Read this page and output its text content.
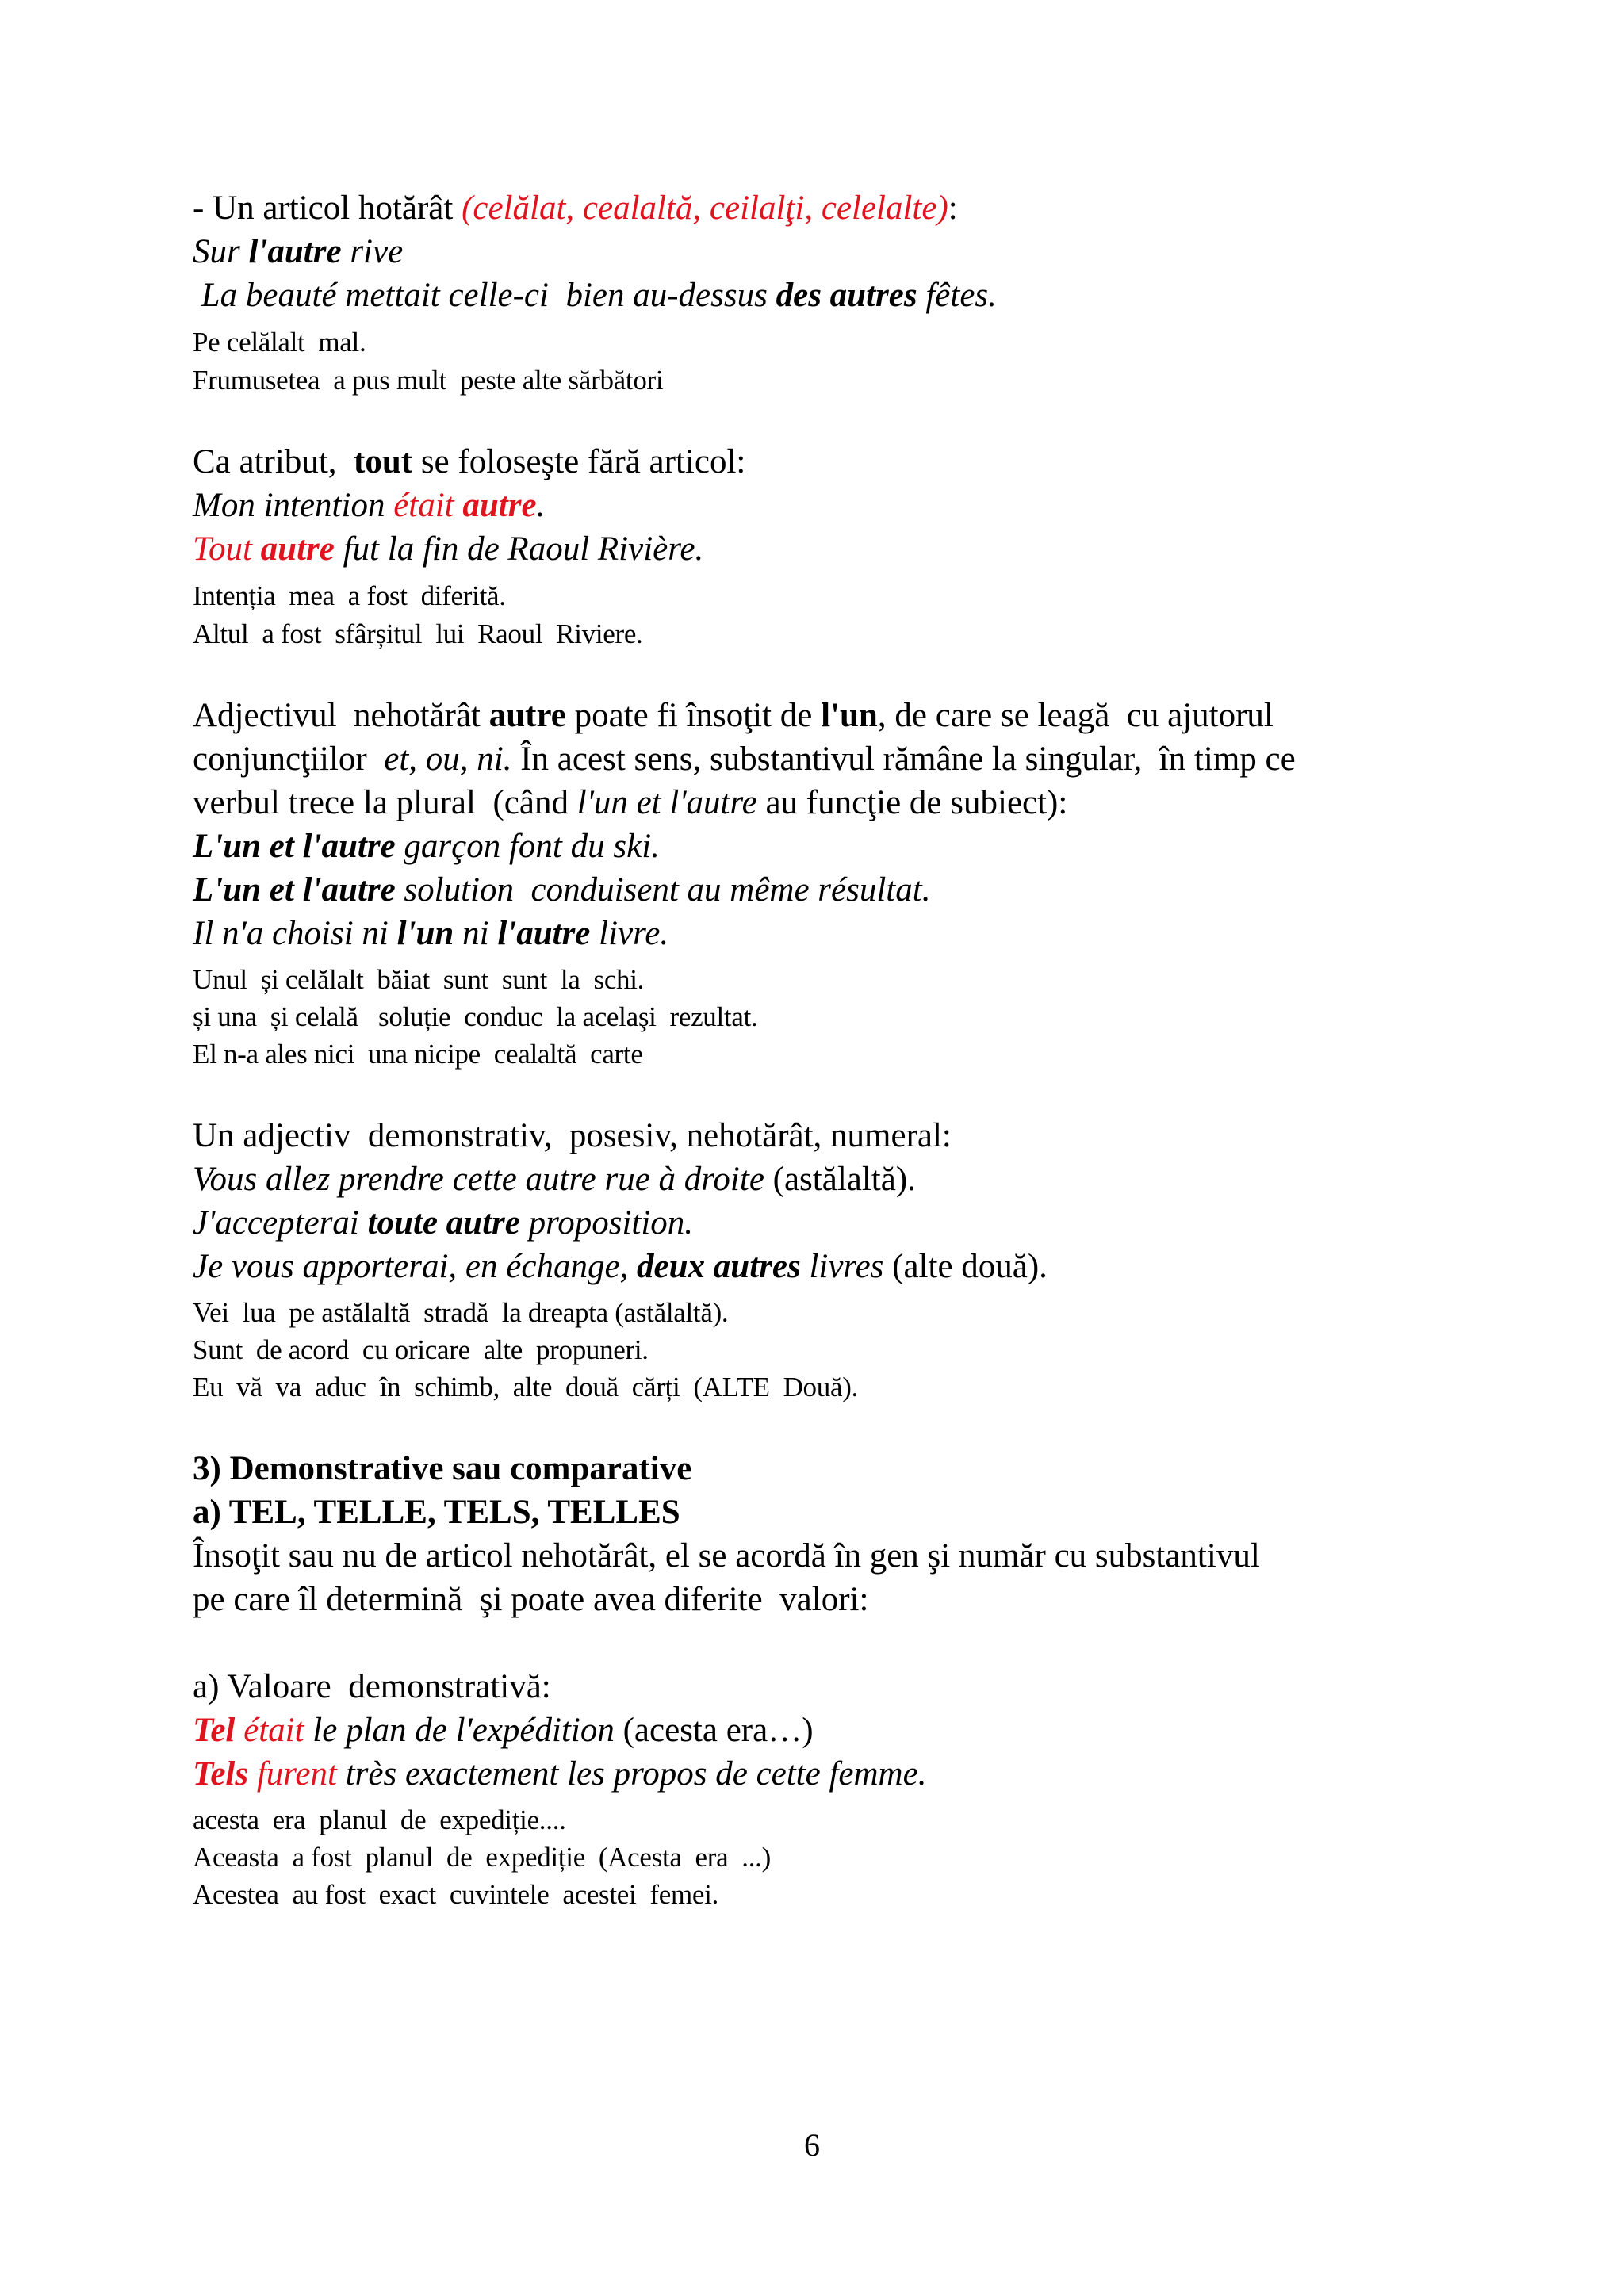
- Un articol hotărât (celălat, cealaltă, ceilalţi, celelalte):
Sur l'autre rive
La beauté mettait celle-ci  bien au-dessus des autres fêtes.
Pe celălalt  mal.
Frumusetea  a pus mult  peste alte sărbători
Ca atribut,  tout se foloseşte fără articol:
Mon intention était autre.
Tout autre fut la fin de Raoul Rivière.
Intenția  mea  a fost  diferită.
Altul  a fost  sfârșitul  lui  Raoul  Riviere.
Adjectivul  nehotărât autre poate fi însoţit de l'un, de care se leagă  cu ajutorul
conjuncţiilor  et, ou, ni. În acest sens, substantivul rămâne la singular,  în timp ce
verbul trece la plural  (când l'un et l'autre au funcţie de subiect):
L'un et l'autre garçon font du ski.
L'un et l'autre solution  conduisent au même résultat.
Il n'a choisi ni l'un ni l'autre livre.
Unul  și celălalt  băiat  sunt  sunt  la  schi.
și una  și celală   soluție  conduc  la acelaşi  rezultat.
El n-a ales nici  una nicipe  cealaltă  carte
Un adjectiv  demonstrativ,  posesiv, nehotărât, numeral:
Vous allez prendre cette autre rue à droite (astălaltă).
J'accepterai toute autre proposition.
Je vous apporterai, en échange, deux autres livres (alte două).
Vei  lua  pe astălaltă  stradă  la dreapta (astălaltă).
Sunt  de acord  cu oricare  alte  propuneri.
Eu  vă  va  aduc  în  schimb,  alte  două  cărți  (ALTE  Două).
3) Demonstrative sau comparative
a) TEL, TELLE, TELS, TELLES
Însoţit sau nu de articol nehotărât, el se acordă în gen şi număr cu substantivul
pe care îl determină  şi poate avea diferite  valori:
a) Valoare  demonstrativă:
Tel était le plan de l'expédition (acesta era…)
Tels furent très exactement les propos de cette femme.
acesta  era  planul  de  expediție....
Aceasta  a fost  planul  de  expediție  (Acesta  era  ...)
Acestea  au fost  exact  cuvintele  acestei  femei.
6
